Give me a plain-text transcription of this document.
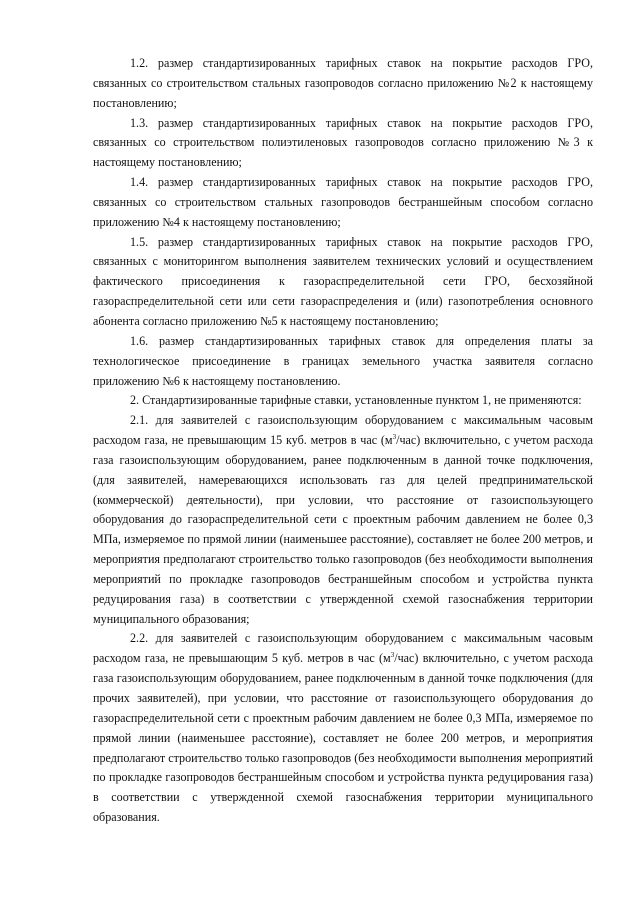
1.2. размер стандартизированных тарифных ставок на покрытие расходов ГРО, связанных со строительством стальных газопроводов согласно приложению №2 к настоящему постановлению;

1.3. размер стандартизированных тарифных ставок на покрытие расходов ГРО, связанных со строительством полиэтиленовых газопроводов согласно приложению №3 к настоящему постановлению;

1.4. размер стандартизированных тарифных ставок на покрытие расходов ГРО, связанных со строительством стальных газопроводов бестраншейным способом согласно приложению №4 к настоящему постановлению;

1.5. размер стандартизированных тарифных ставок на покрытие расходов ГРО, связанных с мониторингом выполнения заявителем технических условий и осуществлением фактического присоединения к газораспределительной сети ГРО, бесхозяйной газораспределительной сети или сети газораспределения и (или) газопотребления основного абонента согласно приложению №5 к настоящему постановлению;

1.6. размер стандартизированных тарифных ставок для определения платы за технологическое присоединение в границах земельного участка заявителя согласно приложению №6 к настоящему постановлению.

2. Стандартизированные тарифные ставки, установленные пунктом 1, не применяются:

2.1. для заявителей с газоиспользующим оборудованием с максимальным часовым расходом газа, не превышающим 15 куб. метров в час $(м^3/час)$ включительно, с учетом расхода газа газоиспользующим оборудованием, ранее подключенным в данной точке подключения, (для заявителей, намеревающихся использовать газ для целей предпринимательской (коммерческой) деятельности), при условии, что расстояние от газоиспользующего оборудования до газораспределительной сети с проектным рабочим давлением не более 0,3 МПа, измеряемое по прямой линии (наименьшее расстояние), составляет не более 200 метров, и мероприятия предполагают строительство только газопроводов (без необходимости выполнения мероприятий по прокладке газопроводов бестраншейным способом и устройства пункта редуцирования газа) в соответствии с утвержденной схемой газоснабжения территории муниципального образования;

2.2. для заявителей с газоиспользующим оборудованием с максимальным часовым расходом газа, не превышающим 5 куб. метров в час $(м^3/час)$ включительно, с учетом расхода газа газоиспользующим оборудованием, ранее подключенным в данной точке подключения (для прочих заявителей), при условии, что расстояние от газоиспользующего оборудования до газораспределительной сети с проектным рабочим давлением не более 0,3 МПа, измеряемое по прямой линии (наименьшее расстояние), составляет не более 200 метров, и мероприятия предполагают строительство только газопроводов (без необходимости выполнения мероприятий по прокладке газопроводов бестраншейным способом и устройства пункта редуцирования газа) в соответствии с утвержденной схемой газоснабжения территории муниципального образования.
